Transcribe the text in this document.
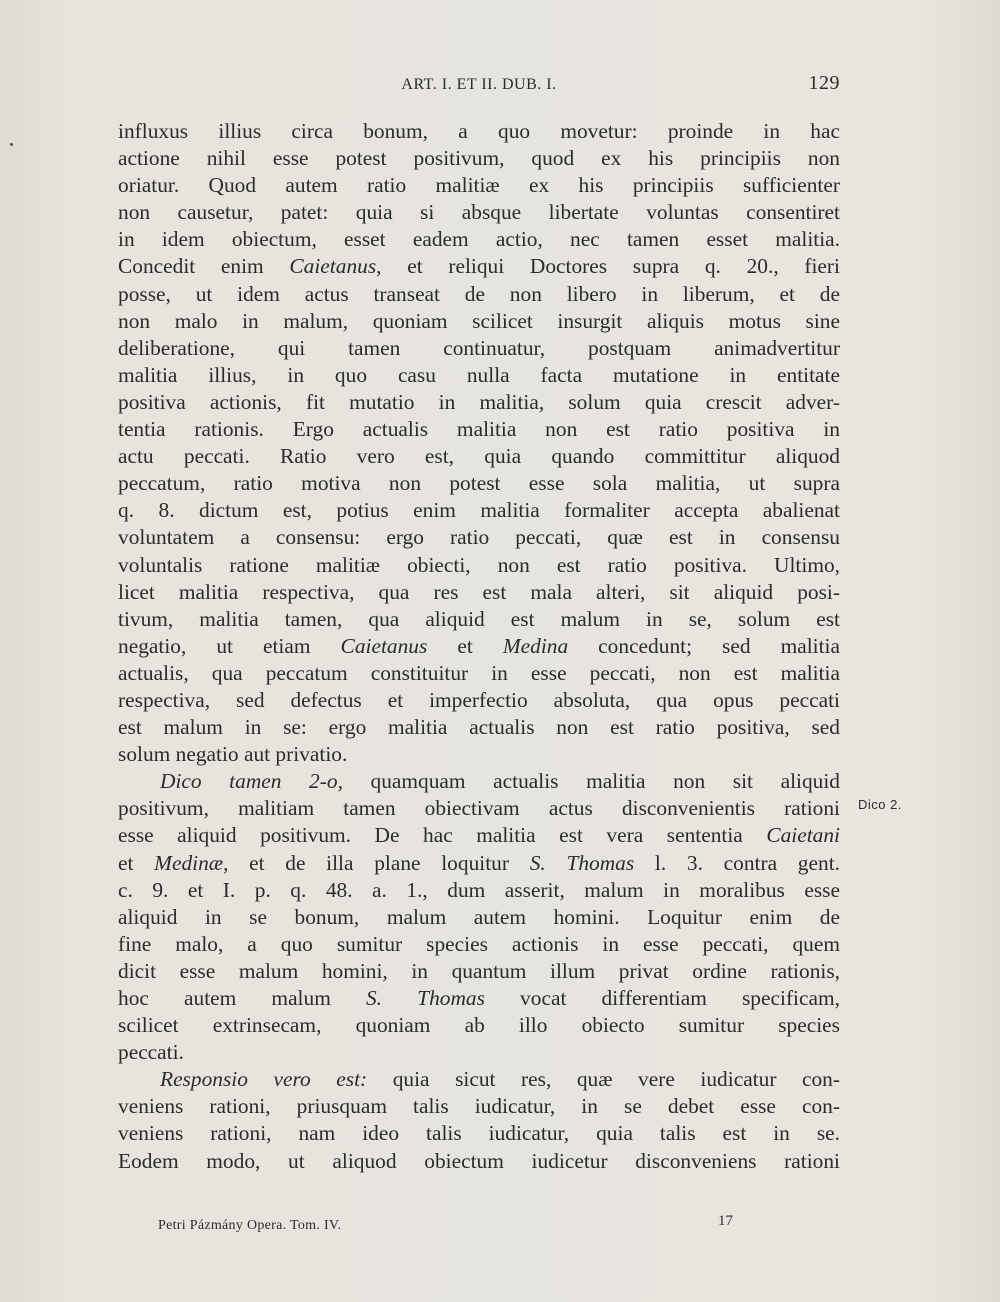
ART. I. ET II. DUB. I.	129
influxus illius circa bonum, a quo movetur: proinde in hac
actione nihil esse potest positivum, quod ex his principiis non
oriatur. Quod autem ratio malitiæ ex his principiis sufficienter
non causetur, patet: quia si absque libertate voluntas consentiret
in idem obiectum, esset eadem actio, nec tamen esset malitia.
Concedit enim Caietanus, et reliqui Doctores supra q. 20., fieri
posse, ut idem actus transeat de non libero in liberum, et de
non malo in malum, quoniam scilicet insurgit aliquis motus sine
deliberatione, qui tamen continuatur, postquam animadvertitur
malitia illius, in quo casu nulla facta mutatione in entitate
positiva actionis, fit mutatio in malitia, solum quia crescit adver-
tentia rationis. Ergo actualis malitia non est ratio positiva in
actu peccati. Ratio vero est, quia quando committitur aliquod
peccatum, ratio motiva non potest esse sola malitia, ut supra
q. 8. dictum est, potius enim malitia formaliter accepta abalienat
voluntatem a consensu: ergo ratio peccati, quæ est in consensu
voluntalis ratione malitiæ obiecti, non est ratio positiva. Ultimo,
licet malitia respectiva, qua res est mala alteri, sit aliquid posi-
tivum, malitia tamen, qua aliquid est malum in se, solum est
negatio, ut etiam Caietanus et Medina concedunt; sed malitia
actualis, qua peccatum constituitur in esse peccati, non est malitia
respectiva, sed defectus et imperfectio absoluta, qua opus peccati
est malum in se: ergo malitia actualis non est ratio positiva, sed
solum negatio aut privatio.
Dico tamen 2-o, quamquam actualis malitia non sit aliquid
positivum, malitiam tamen obiectivam actus disconvenientis rationi
esse aliquid positivum. De hac malitia est vera sententia Caietani
et Medinæ, et de illa plane loquitur S. Thomas l. 3. contra gent.
c. 9. et I. p. q. 48. a. 1., dum asserit, malum in moralibus esse
aliquid in se bonum, malum autem homini. Loquitur enim de
fine malo, a quo sumitur species actionis in esse peccati, quem
dicit esse malum homini, in quantum illum privat ordine rationis,
hoc autem malum S. Thomas vocat differentiam specificam,
scilicet extrinsecam, quoniam ab illo obiecto sumitur species
peccati.
Responsio vero est: quia sicut res, quæ vere iudicatur con-
veniens rationi, priusquam talis iudicatur, in se debet esse con-
veniens rationi, nam ideo talis iudicatur, quia talis est in se.
Eodem modo, ut aliquod obiectum iudicetur disconveniens rationi
Dico 2.
Petri Pázmány Opera. Tom. IV.	17
